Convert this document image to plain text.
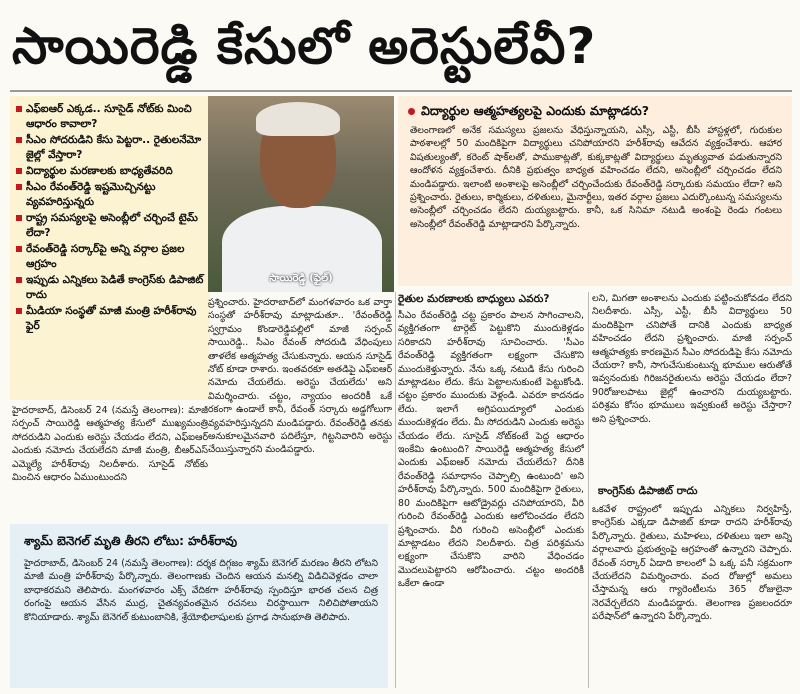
సాయిరెడ్డి కేసులో అరెస్టులేవీ?
ఎఫ్‌ఐఆర్‌ ఎక్కడ.. సూసైడ్‌ నోట్‌కు మించి ఆధారం కావాలా?
సీఎం సోదరుడిని కేసు పెట్టరా.. రైతులనేమో జైల్లో వేస్తారా?
విద్యార్థుల మరణాలకు బాధ్యతేవరిది
సీఎం రేవంత్‌రెడ్డి ఇష్టమొచ్చినట్టు వ్యవహరిస్తున్నరు
రాష్ట్ర సమస్యలపై అసెంబ్లీలో చర్చించే టైమ్‌ లేదా?
రేవంత్‌రెడ్డి సర్కార్‌పై అన్ని వర్గాల ప్రజల ఆగ్రహం
ఇప్పుడు ఎన్నికలు పెడితే కాంగ్రెస్‌కు డిపాజిట్‌ రాదు
మీడియా సంస్థతో మాజీ మంత్రి హరీశ్‌రావు ఫైర్‌
సాయిరెడ్డి (ఫైల్‌)
విద్యార్థుల ఆత్మహత్యలపై ఎందుకు మాట్లాడరు?
తెలంగాణలో అనేక సమస్యలు ప్రజలను వేధిస్తున్నాయని, ఎస్సీ, ఎస్టీ, బీసీ హాస్టళ్లలో, గురుకుల పాఠశాలల్లో 50 మందికిపైగా విద్యార్థులు చనిపోయారని హరీశ్‌రావు ఆవేదన వ్యక్తంచేశారు. ఆహార విషతుల్యంతో, కరెంట్‌ షాక్‌లతో, పాముకాట్లతో, కుక్కకాట్లతో విద్యార్థులు మృత్యువాత పడుతున్నారని ఆందోళన వ్యక్తంచేశారు. దీనికి ప్రభుత్వం బాధ్యత వహించడం లేదని, అసెంబ్లీలో చర్చించడం లేదని మండిపడ్డారు. ఇలాంటి అంశాలపై అసెంబ్లీలో చర్చించేందుకు రేవంత్‌రెడ్డి సర్కారుకు సమయం లేదా? అని ప్రశ్నించారు. రైతులు, కార్మికులు, దళితులు, మైనార్టీలు, ఇతర వర్గాల ప్రజలు ఎదుర్కొంటున్న సమస్యలను అసెంబ్లీలో చర్చించడం లేదని దుయ్యబట్టారు. కానీ, ఒక సినిమా నటుడి అంశంపై రెండు గంటలు అసెంబ్లీలో రేవంత్‌రెడ్డి మాట్లాడారని పేర్కొన్నారు.
హైదరాబాద్‌, డిసెంబర్‌ 24 (నమస్తే తెలంగాణ): మాజీ సర్పంచ్‌ సాయిరెడ్డి ఆత్మహత్య కేసులో ముఖ్యమంత్రి సోదరుడిని ఎందుకు అరెస్టు చేయడం లేదని, ఎఫ్‌ఐఆర్‌ ఎందుకు నమోదు చేయలేదని మాజీ మంత్రి, బీఆర్‌ఎస్‌ ఎమ్మెల్యే హరీశ్‌రావు నిలదీశారు. సూసైడ్‌ నోట్‌కు మించిన ఆధారం ఏముంటుందని
ప్రశ్నించారు. హైదరాబాద్‌లో మంగళవారం ఒక వార్తా సంస్థతో హరీశ్‌రావు మాట్లాడుతూ.. 'రేవంత్‌రెడ్డి స్వగ్రామం కొండారెడ్డిపల్లిలో మాజీ సర్పంచ్‌ సాయిరెడ్డి.. సీఎం రేవంత్‌ సోదరుడి వేధింపులు తాళలేక ఆత్మహత్య చేసుకున్నారు. ఆయన సూసైడ్‌ నోట్‌ కూడా రాశారు. ఇంతవరకూ అతడిపై ఎఫ్‌ఐఆర్‌ నమోదు చేయలేదు. అరెస్టు చేయలేదు' అని విమర్శించారు. చట్టం, న్యాయం అందరికీ ఒకే రకంగా ఉండాలే కానీ, రేవంత్‌ సర్కారు అడ్డగోలుగా వ్యవహరిస్తున్నదని మండిపడ్డారు. రేవంత్‌రెడ్డి తనకు అనుకూలమైనవారి పదిలేస్తూ, గిట్టనివారిని అరెస్టు చేయిస్తున్నారని మండిపడ్డారు.
రైతుల మరణాలకు బాధ్యులు ఎవరు?
సీఎం రేవంత్‌రెడ్డి చట్ట ప్రకారం పాలన సాగించాలని, వ్యక్తిగతంగా టార్గెట్‌ పెట్టుకొని ముందుకెళ్లడం సరికాదని హరీశ్‌రావు సూచించారు. 'సీఎం రేవంత్‌రెడ్డి వ్యక్తిగతంగా లక్ష్యంగా చేసుకొని ముందుకెళ్తున్నారు. నేను ఒక్క నటుడి కేసు గురించి మాట్లాడటం లేదు. కేసు పెట్టాలనుకుంటే పెట్టుకోండి. చట్టం ప్రకారం ముందుకు వెళ్లండి. ఎవరూ కాదనడం లేదు. ఇలాగే అగ్రిపయిద్యూలో ఎందుకు ముందుకెళ్లడం లేదు. మీ సోదరుడిని ఎందుకు అరెస్టు చేయడం లేదు. సూసైడ్‌ నోట్‌కంటే పెద్ద ఆధారం ఇంకేమి ఉంటుంది? సాయిరెడ్డి ఆత్మహత్య కేసులో ఎందుకు ఎఫ్‌ఐఆర్‌ నమోదు చేయలేదు? దీనికి రేవంత్‌రెడ్డి సమాధానం చెప్పాల్సి ఉంటుంది' అని హరీశ్‌రావు పేర్కొన్నారు. 500 మందికిపైగా రైతులు, 80 మందికిపైగా ఆటోడ్రైవర్లు చనిపోయారని, వీరి గురించి రేవంత్‌రెడ్డి ఎందుకు ఆలోచించడం లేదని ప్రశ్నించారు. వీరి గురించి అసెంబ్లీలో ఎందుకు మాట్లాడటం లేదని నిలదీశారు. చిత్ర పరిశ్రమను లక్ష్యంగా చేసుకొని వారిని వేధించడం మొదలుపెట్టారని ఆరోపించారు. చట్టం అందరికీ ఒకేలా ఉండా
లని, మిగతా అంశాలను ఎందుకు పట్టించుకోవడం లేదని నిలదీశారు. ఎస్సీ, ఎస్టీ, బీసీ విద్యార్థులు 50 మందికిపైగా చనిపోతే దానికి ఎందుకు బాధ్యత వహించడం లేదని ప్రశ్నించారు. మాజీ సర్పంచ్‌ ఆత్మహత్యకు కారణమైన సీఎం సోదరుడిపై కేసు నమోదు చేయరా? కానీ, సాగుచేసుకుంటున్న భూముల ఆరుతోతే ఇవ్వనందుకు గిరిజనరైతులను అరెస్టు చేయడం లేదా? 90రోజులపాటు జైల్లో ఉంచారని దుయ్యబట్టారు. పరిశ్రమ కోసం భూములు ఇవ్వకుంటే అరెస్టు చేస్తారా? అని ప్రశ్నించారు.
కాంగ్రెస్‌కు డిపాజిట్‌ రాదు
ఒకవేళ రాష్ట్రంలో ఇప్పుడు ఎన్నికలు నిర్వహిస్తే, కాంగ్రెస్‌కు ఎక్కడా డిపాజిట్‌ కూడా రాదని హరీశ్‌రావు పేర్కొన్నారు. రైతులు, మహిళలు, దళితులు ఇలా అన్ని వర్గాలవారు ప్రభుత్వంపై ఆగ్రహంతో ఉన్నారని చెప్పారు. రేవంత్‌ సర్కార్‌ ఏడాది కాలంలో ఏ ఒక్క పనీ సక్రమంగా చేయలేదని విమర్శించారు. వంద రోజుల్లో అమలు చేస్తామన్న ఆరు గ్యారెంటీలను 365 రోజులైనా నెరవేర్చలేదని మండిపడ్డారు. తెలంగాణ ప్రజలందరూ పరేషాన్‌లో ఉన్నారని పేర్కొన్నారు.
శ్యామ్‌ బెనెగల్‌ మృతి తీరని లోటు: హరీశ్‌రావు
హైదరాబాద్‌, డిసెంబర్‌ 24 (నమస్తే తెలంగాణ): దర్శక దిగ్గజం శ్యామ్‌ బెనెగల్‌ మరణం తీరని లోటని మాజీ మంత్రి హరీశ్‌రావు పేర్కొన్నారు. తెలంగాణకు చెందిన ఆయన మనల్ని విడిచివెళ్లడం చాలా బాధాకరమని తెలిపారు. మంగళవారం ఎక్స్‌ వేదికగా హరీశ్‌రావు స్పందిస్తూ భారత చలన చిత్ర రంగంపై ఆయన వేసిన ముద్ర, చైతన్యవంతమైన రచనలు చిరస్థాయిగా నిలిచిపోతాయని కొనియాడారు. శ్యామ్‌ బెనెగల్‌ కుటుంబానికి, శ్రేయోభిలాషులకు ప్రగాఢ సానుభూతి తెలిపారు.
